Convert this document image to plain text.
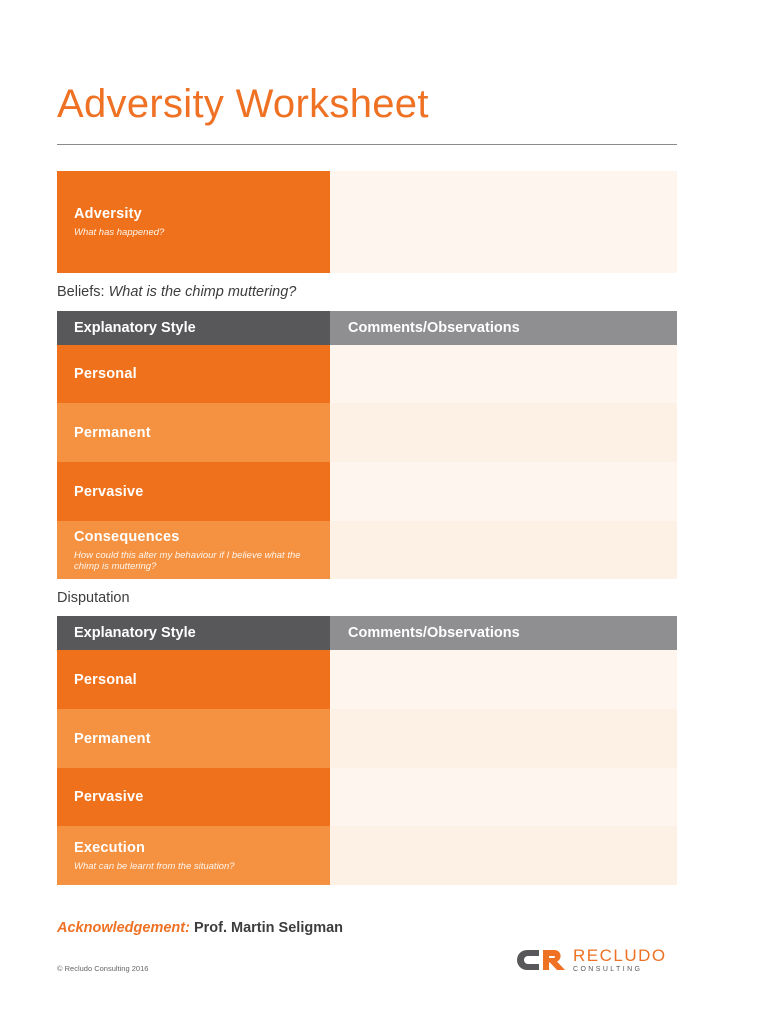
Adversity Worksheet
Adversity
What has happened?
Beliefs: What is the chimp muttering?
Explanatory Style	Comments/Observations
Personal
Permanent
Pervasive
Consequences
How could this alter my behaviour if I believe what the chimp is muttering?
Disputation
Explanatory Style	Comments/Observations
Personal
Permanent
Pervasive
Execution
What can be learnt from the situation?
Acknowledgement: Prof. Martin Seligman
© Recludo Consulting 2016
RECLUDO
CONSULTING
